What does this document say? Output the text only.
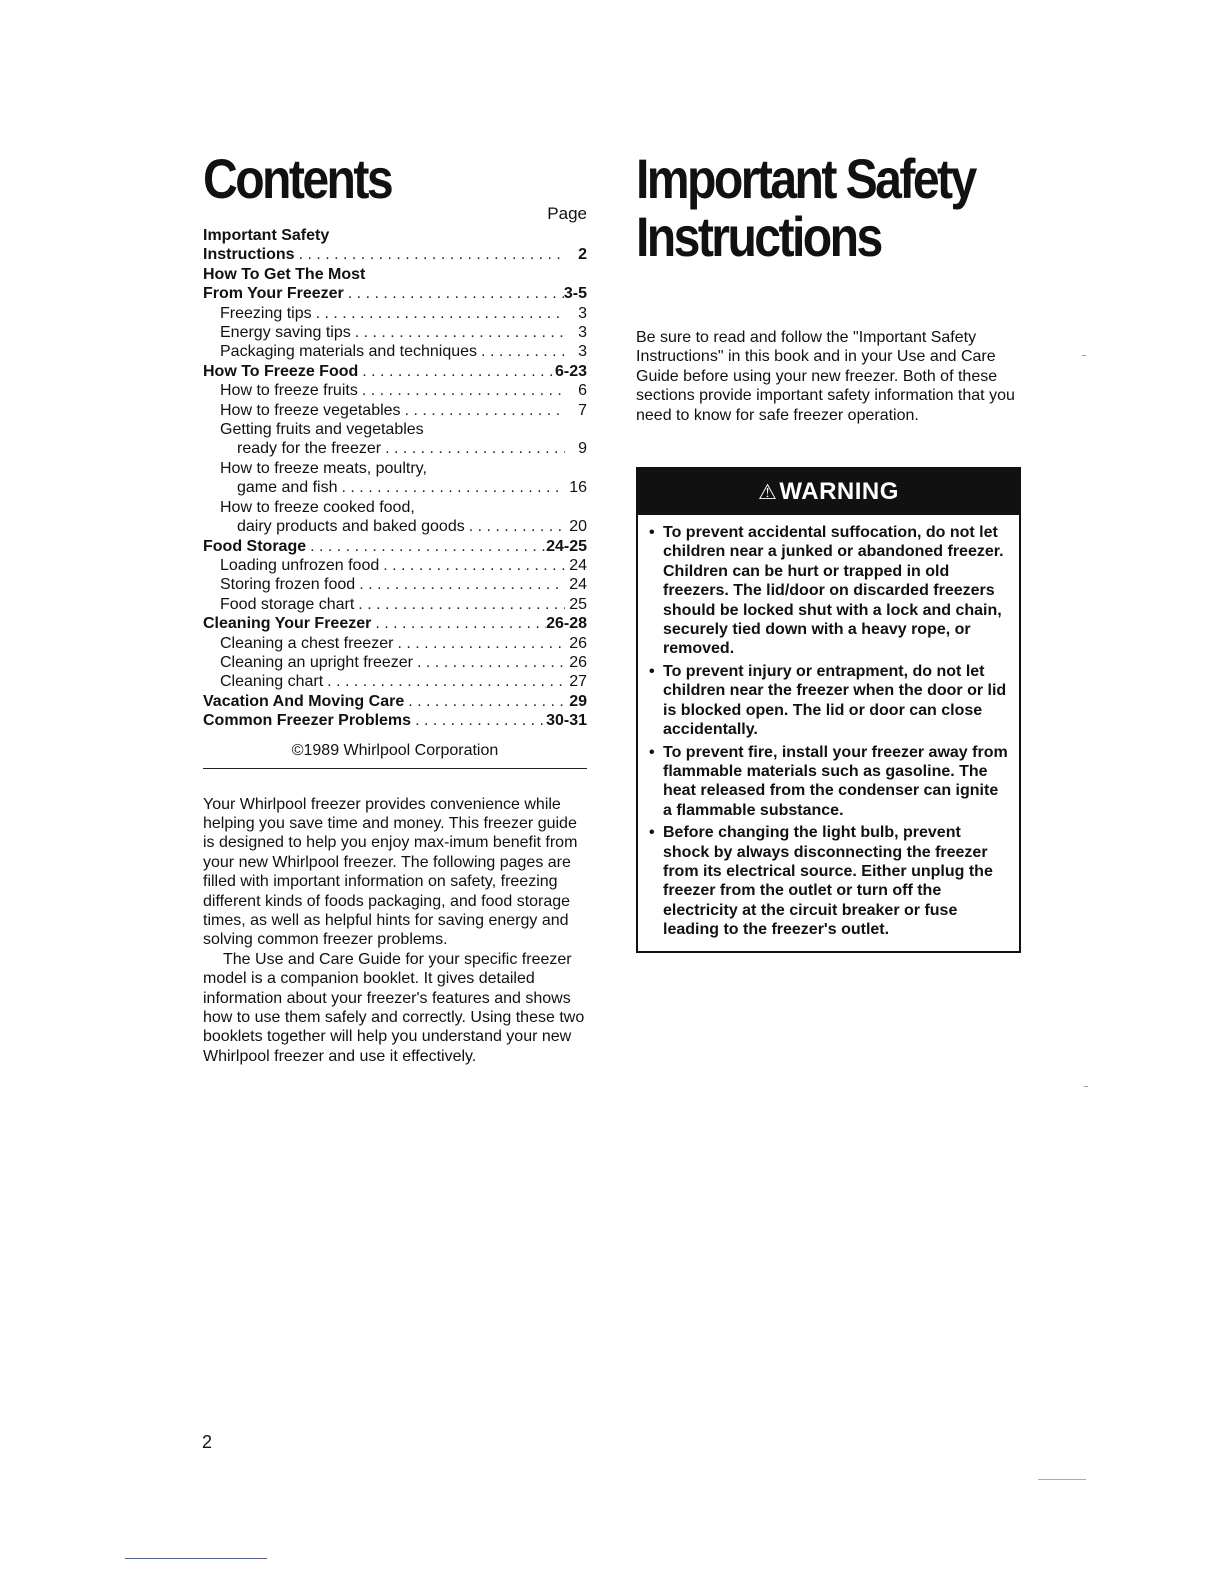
Contents
Page
Important Safety
Instructions . . .	2
How To Get The Most
From Your Freezer . . .	3-5
Freezing tips . . .	3
Energy saving tips . . .	3
Packaging materials and techniques . . .	3
How To Freeze Food . . .	6-23
How to freeze fruits . . .	6
How to freeze vegetables . . .	7
Getting fruits and vegetables
ready for the freezer . . .	9
How to freeze meats, poultry,
game and fish . . .	16
How to freeze cooked food,
dairy products and baked goods . . .	20
Food Storage . . .	24-25
Loading unfrozen food . . .	24
Storing frozen food . . .	24
Food storage chart . . .	25
Cleaning Your Freezer . . .	26-28
Cleaning a chest freezer . . .	26
Cleaning an upright freezer . . .	26
Cleaning chart . . .	27
Vacation And Moving Care . . .	29
Common Freezer Problems . . .	30-31
©1989 Whirlpool Corporation

Your Whirlpool freezer provides convenience while helping you save time and money. This freezer guide is designed to help you enjoy max-imum benefit from your new Whirlpool freezer. The following pages are filled with important information on safety, freezing different kinds of foods packaging, and food storage times, as well as helpful hints for saving energy and solving common freezer problems.

The Use and Care Guide for your specific freezer model is a companion booklet. It gives detailed information about your freezer's features and shows how to use them safely and correctly. Using these two booklets together will help you understand your new Whirlpool freezer and use it effectively.

Important Safety
Instructions
Be sure to read and follow the "Important Safety Instructions" in this book and in your Use and Care Guide before using your new freezer. Both of these sections provide important safety information that you need to know for safe freezer operation.
⚠WARNING
• To prevent accidental suffocation, do not let children near a junked or abandoned freezer. Children can be hurt or trapped in old freezers. The lid/door on discarded freezers should be locked shut with a lock and chain, securely tied down with a heavy rope, or removed.
• To prevent injury or entrapment, do not let children near the freezer when the door or lid is blocked open. The lid or door can close accidentally.
• To prevent fire, install your freezer away from flammable materials such as gasoline. The heat released from the condenser can ignite a flammable substance.
• Before changing the light bulb, prevent shock by always disconnecting the freezer from its electrical source. Either unplug the freezer from the outlet or turn off the electricity at the circuit breaker or fuse leading to the freezer's outlet.
2
